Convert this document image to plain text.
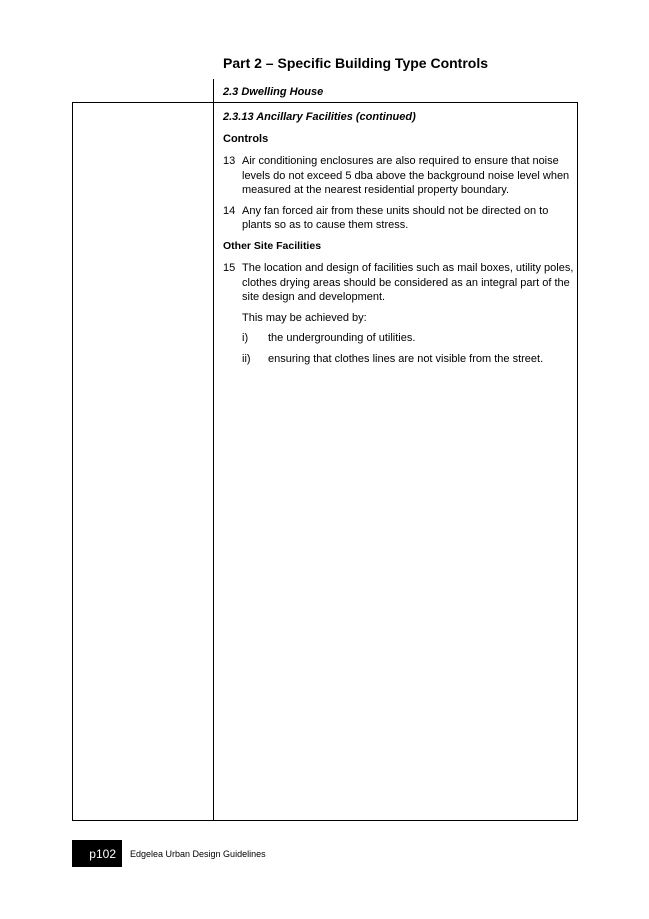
Part 2 – Specific Building Type Controls
2.3 Dwelling House
2.3.13 Ancillary Facilities (continued)
Controls
13 Air conditioning enclosures are also required to ensure that noise levels do not exceed 5 dba above the background noise level when measured at the nearest residential property boundary.
14 Any fan forced air from these units should not be directed on to plants so as to cause them stress.
Other Site Facilities
15 The location and design of facilities such as mail boxes, utility poles, clothes drying areas should be considered as an integral part of the site design and development.
This may be achieved by:
i)	the undergrounding of utilities.
ii)	ensuring that clothes lines are not visible from the street.
p102	Edgelea Urban Design Guidelines
